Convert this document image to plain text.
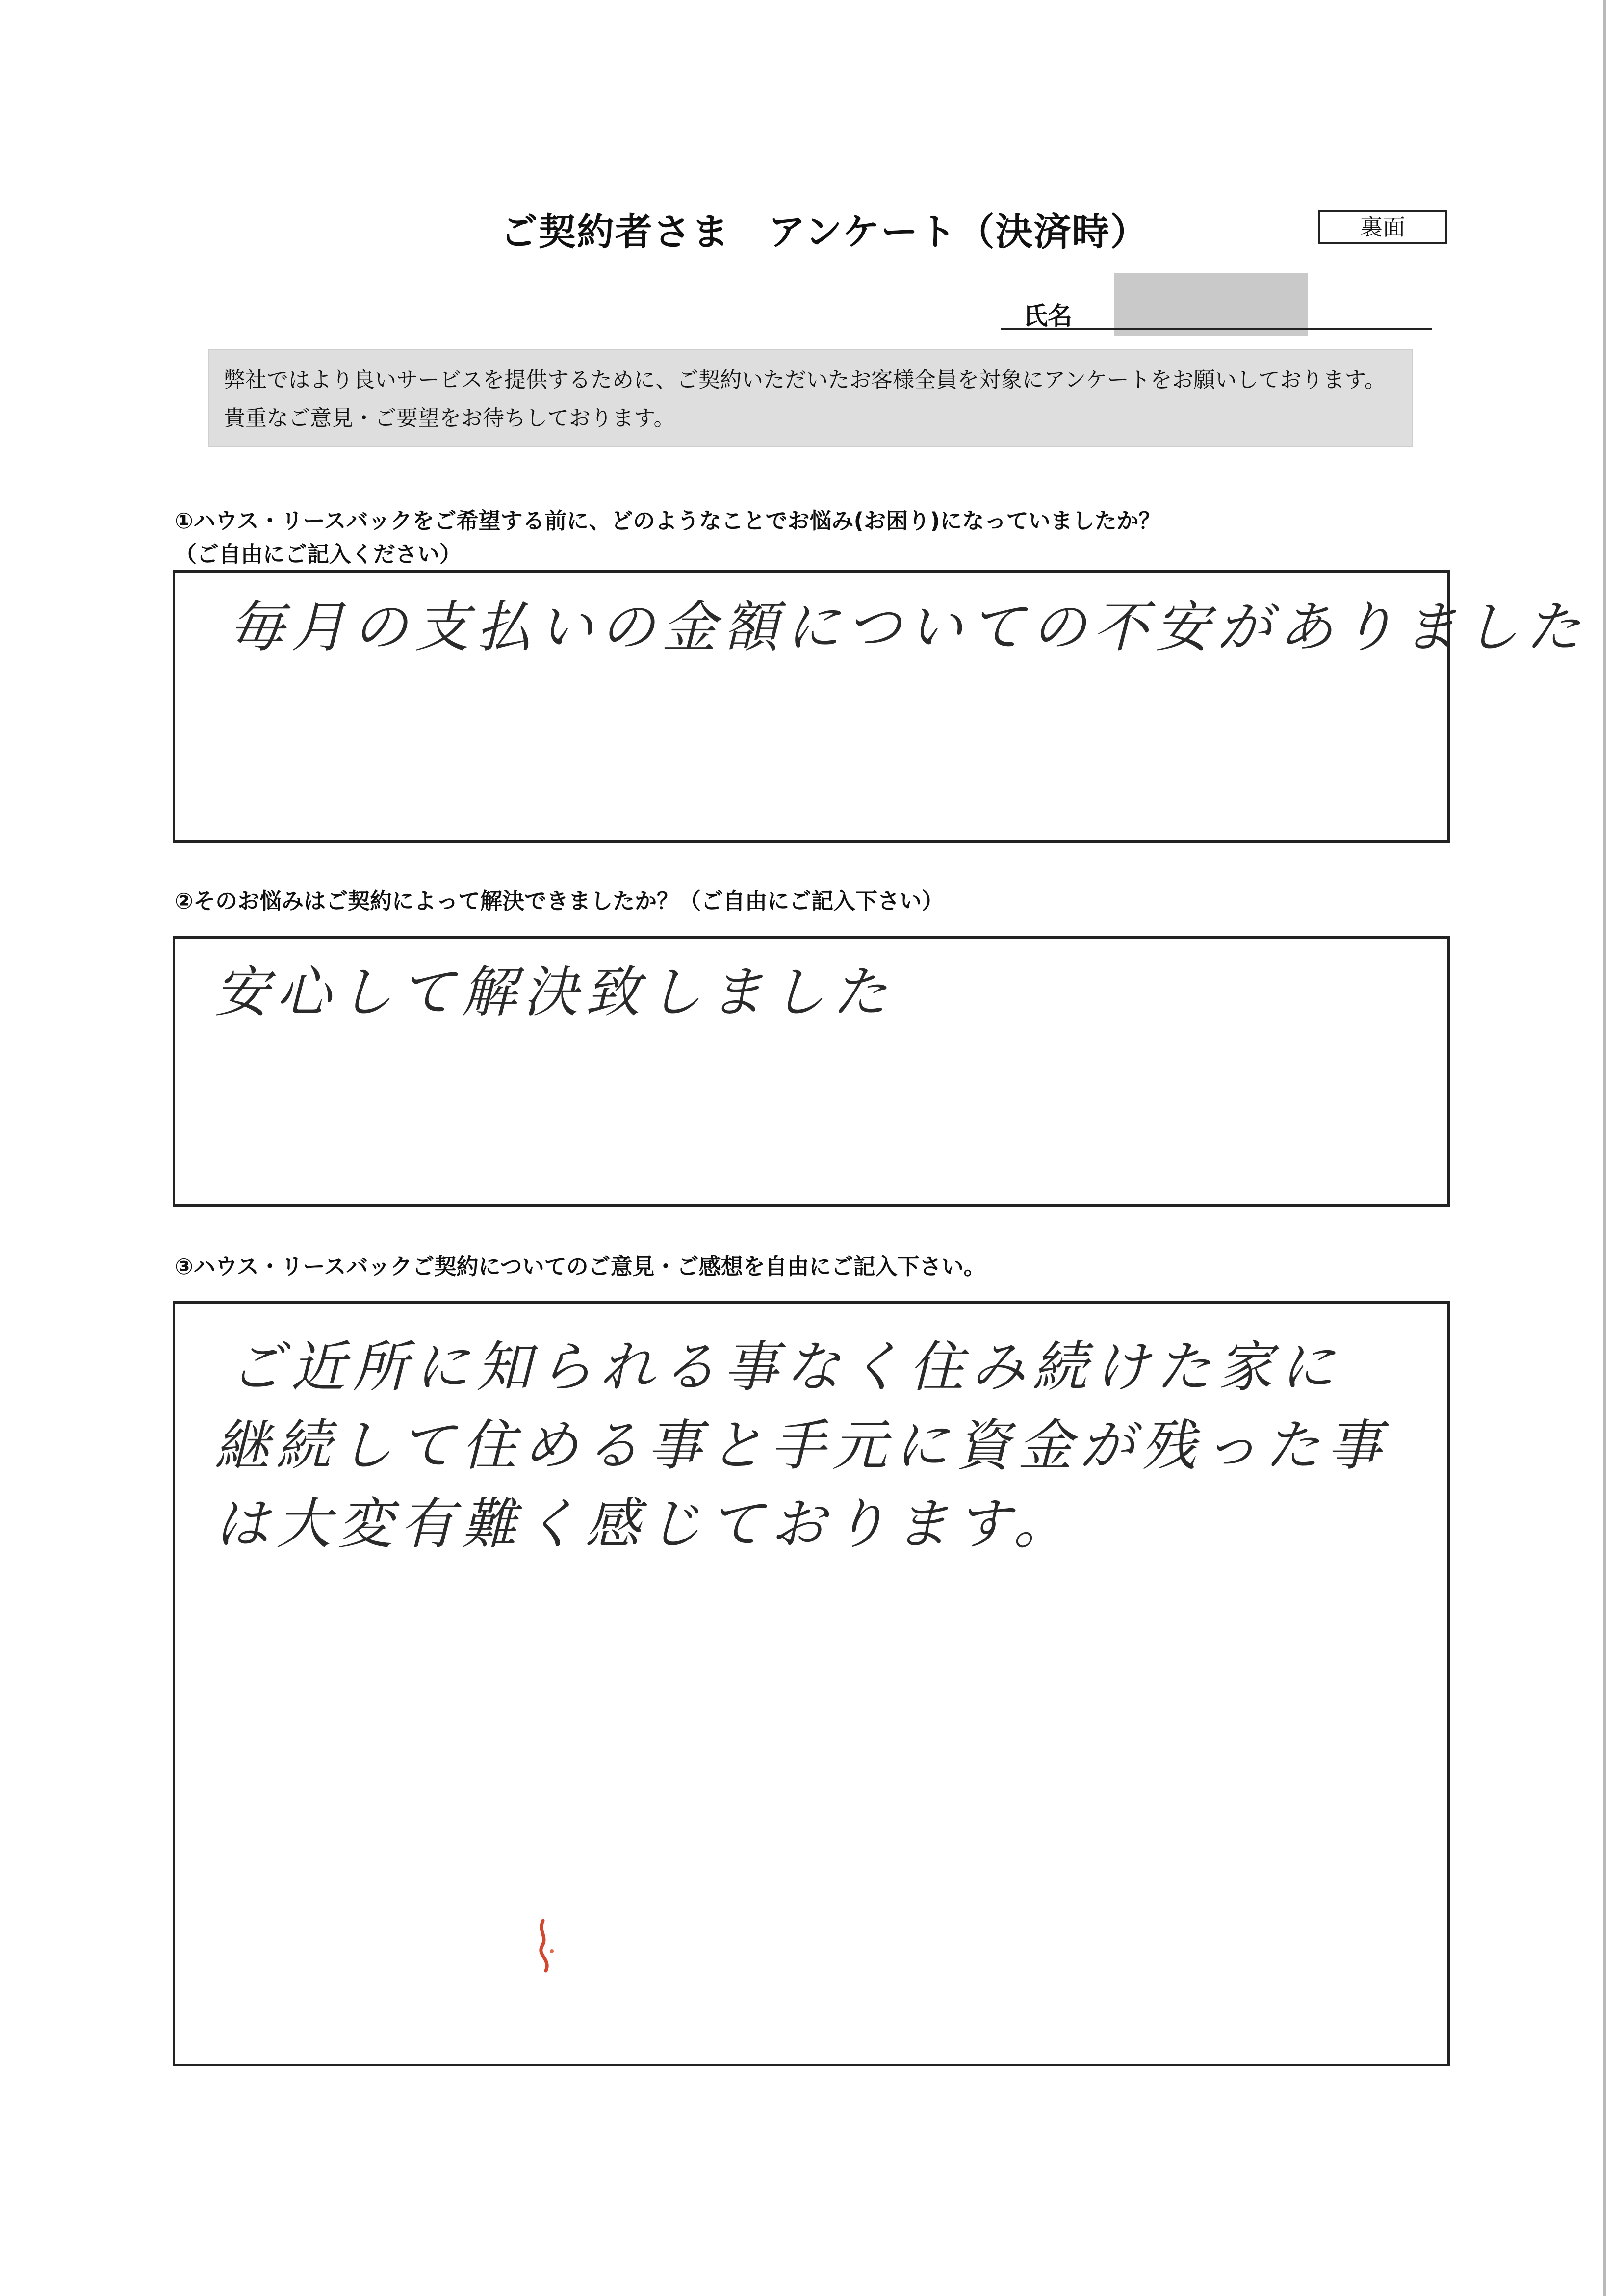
ご契約者さま　アンケート（決済時）	裏面
氏名

弊社ではより良いサービスを提供するために、ご契約いただいたお客様全員を対象にアンケートをお願いしております。

貴重なご意見・ご要望をお待ちしております。

①ハウス・リースバックをご希望する前に、どのようなことでお悩み(お困り)になっていましたか？
（ご自由にご記入ください）
毎月の支払いの金額についての不安がありました
②そのお悩みはご契約によって解決できましたか？（ご自由にご記入下さい）
安心して解決致しました
③ハウス・リースバックご契約についてのご意見・ご感想を自由にご記入下さい。
ご近所に知られる事なく住み続けた家に
継続して住める事と手元に資金が残った事
は大変有難く感じております。
